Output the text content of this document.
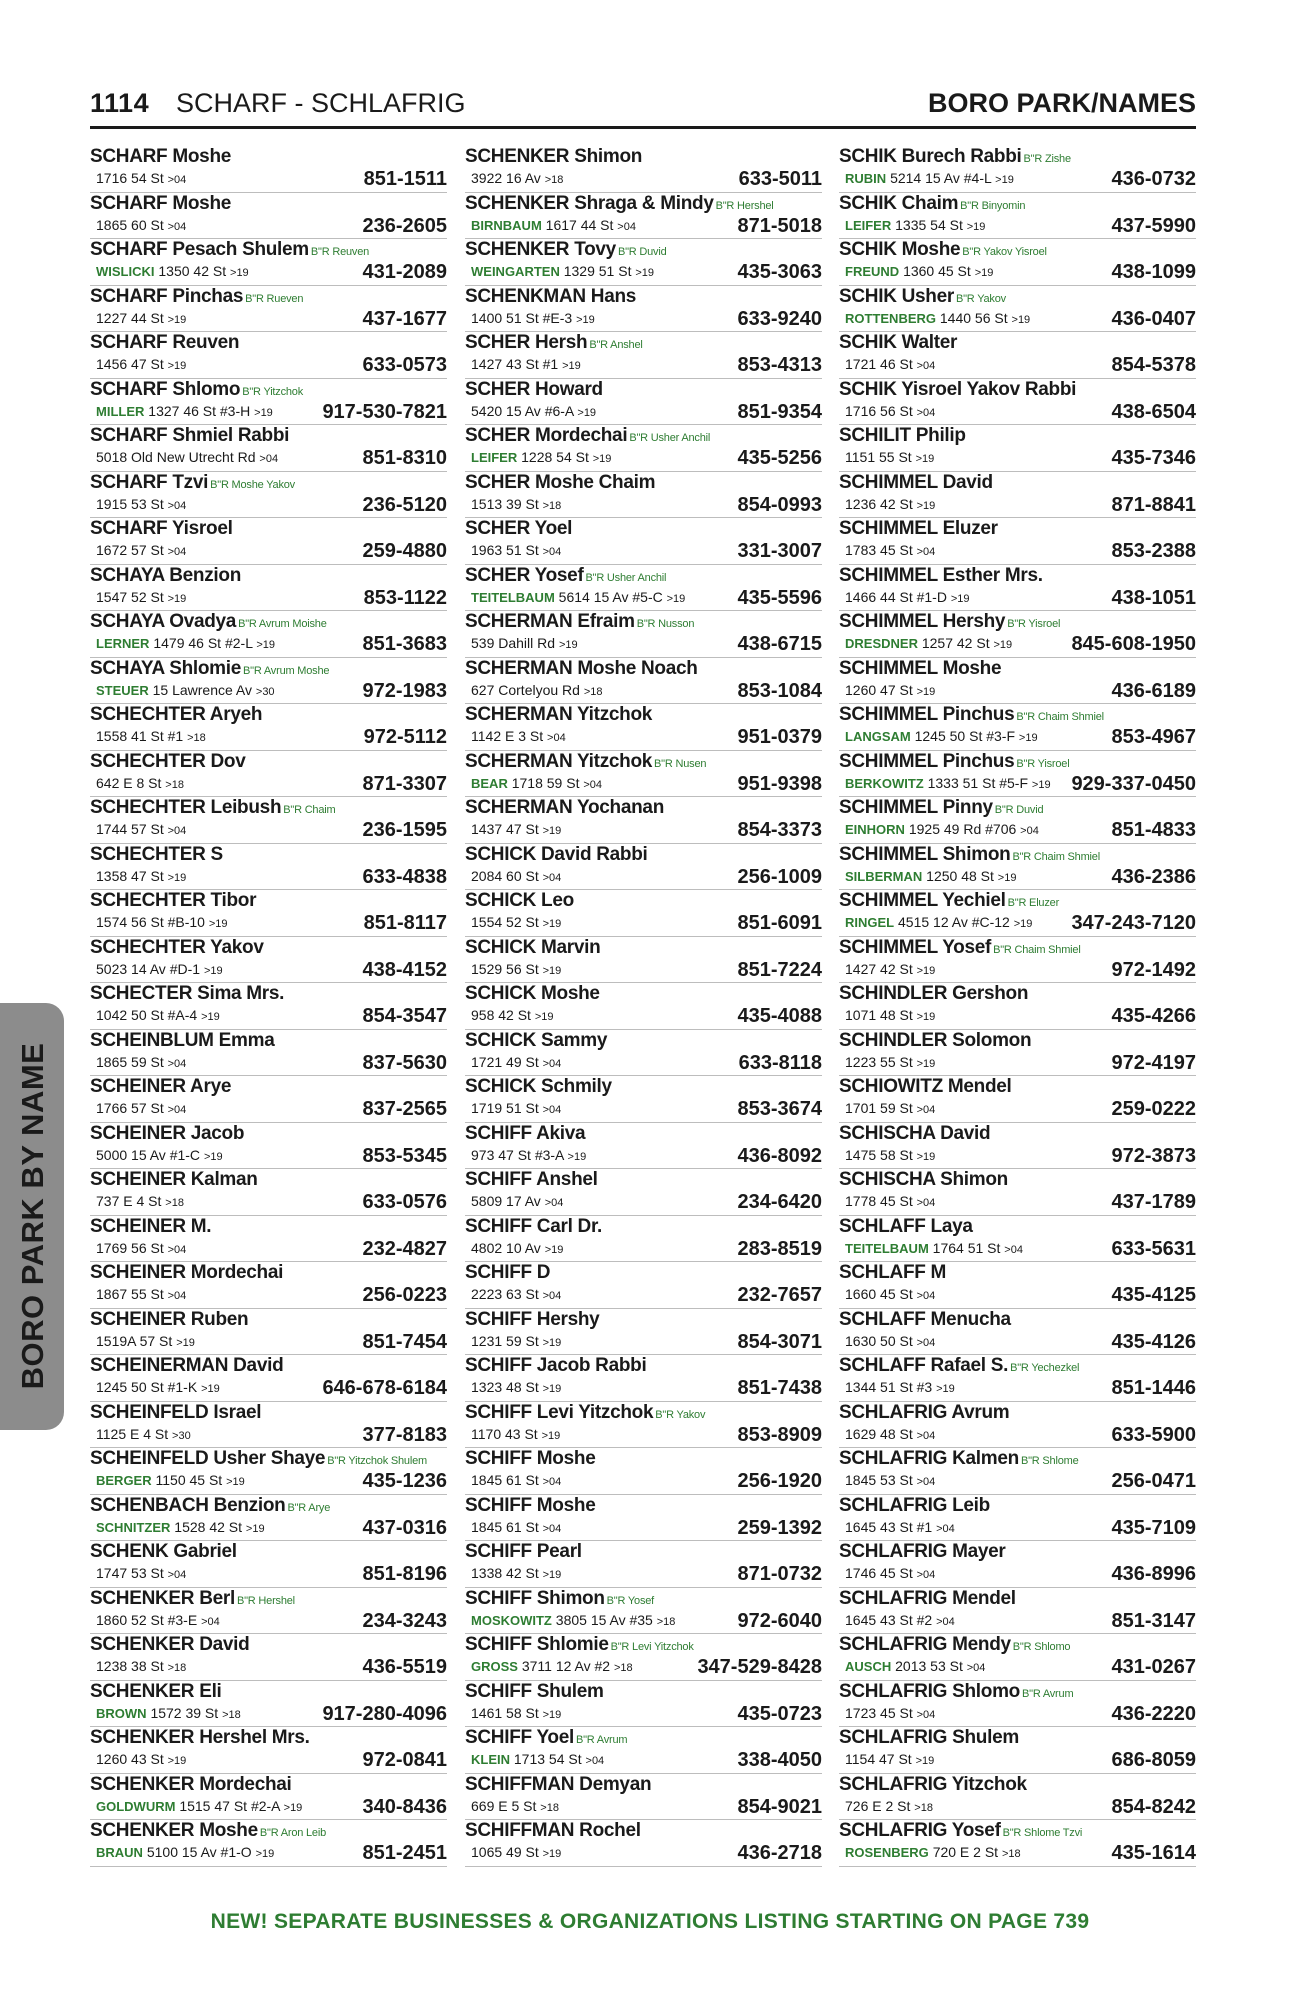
1114 SCHARF - SCHLAFRIG	BORO PARK/NAMES
SCHARF Moshe
1716 54 St >04	851-1511
SCHARF Moshe
1865 60 St >04	236-2605
SCHARF Pesach Shulem B"R Reuven
WISLICKI 1350 42 St >19	431-2089
SCHARF Pinchas B"R Rueven
1227 44 St >19	437-1677
SCHARF Reuven
1456 47 St >19	633-0573
SCHARF Shlomo B"R Yitzchok
MILLER 1327 46 St #3-H >19 917-530-7821
SCHARF Shmiel Rabbi
5018 Old New Utrecht Rd >04	851-8310
SCHARF Tzvi B"R Moshe Yakov
1915 53 St >04	236-5120
SCHARF Yisroel
1672 57 St >04	259-4880
SCHAYA Benzion
1547 52 St >19	853-1122
SCHAYA Ovadya B"R Avrum Moishe
LERNER 1479 46 St #2-L >19	851-3683
SCHAYA Shlomie B"R Avrum Moshe
STEUER 15 Lawrence Av >30	972-1983
SCHECHTER Aryeh
1558 41 St #1 >18	972-5112
SCHECHTER Dov
642 E 8 St >18	871-3307
SCHECHTER Leibush B"R Chaim
1744 57 St >04	236-1595
SCHECHTER S
1358 47 St >19	633-4838
SCHECHTER Tibor
1574 56 St #B-10 >19	851-8117
SCHECHTER Yakov
5023 14 Av #D-1 >19	438-4152
SCHECTER Sima Mrs.
1042 50 St #A-4 >19	854-3547
SCHEINBLUM Emma
1865 59 St >04	837-5630
SCHEINER Arye
1766 57 St >04	837-2565
SCHEINER Jacob
5000 15 Av #1-C >19	853-5345
SCHEINER Kalman
737 E 4 St >18	633-0576
SCHEINER M.
1769 56 St >04	232-4827
SCHEINER Mordechai
1867 55 St >04	256-0223
SCHEINER Ruben
1519A 57 St >19	851-7454
SCHEINERMAN David
1245 50 St #1-K >19	646-678-6184
SCHEINFELD Israel
1125 E 4 St >30	377-8183
SCHEINFELD Usher Shaye B"R Yitzchok Shulem
BERGER 1150 45 St >19	435-1236
SCHENBACH Benzion B"R Arye
SCHNITZER 1528 42 St >19	437-0316
SCHENK Gabriel
1747 53 St >04	851-8196
SCHENKER Berl B"R Hershel
1860 52 St #3-E >04	234-3243
SCHENKER David
1238 38 St >18	436-5519
SCHENKER Eli
BROWN 1572 39 St >18	917-280-4096
SCHENKER Hershel Mrs.
1260 43 St >19	972-0841
SCHENKER Mordechai
GOLDWURM 1515 47 St #2-A >19	340-8436
SCHENKER Moshe B"R Aron Leib
BRAUN 5100 15 Av #1-O >19	851-2451
SCHENKER Shimon
3922 16 Av >18	633-5011
SCHENKER Shraga & Mindy B"R Hershel
BIRNBAUM 1617 44 St >04	871-5018
SCHENKER Tovy B"R Duvid
WEINGARTEN 1329 51 St >19	435-3063
SCHENKMAN Hans
1400 51 St #E-3 >19	633-9240
SCHER Hersh B"R Anshel
1427 43 St #1 >19	853-4313
SCHER Howard
5420 15 Av #6-A >19	851-9354
SCHER Mordechai B"R Usher Anchil
LEIFER 1228 54 St >19	435-5256
SCHER Moshe Chaim
1513 39 St >18	854-0993
SCHER Yoel
1963 51 St >04	331-3007
SCHER Yosef B"R Usher Anchil
TEITELBAUM 5614 15 Av #5-C >19	435-5596
SCHERMAN Efraim B"R Nusson
539 Dahill Rd >19	438-6715
SCHERMAN Moshe Noach
627 Cortelyou Rd >18	853-1084
SCHERMAN Yitzchok
1142 E 3 St >04	951-0379
SCHERMAN Yitzchok B"R Nusen
BEAR 1718 59 St >04	951-9398
SCHERMAN Yochanan
1437 47 St >19	854-3373
SCHICK David Rabbi
2084 60 St >04	256-1009
SCHICK Leo
1554 52 St >19	851-6091
SCHICK Marvin
1529 56 St >19	851-7224
SCHICK Moshe
958 42 St >19	435-4088
SCHICK Sammy
1721 49 St >04	633-8118
SCHICK Schmily
1719 51 St >04	853-3674
SCHIFF Akiva
973 47 St #3-A >19	436-8092
SCHIFF Anshel
5809 17 Av >04	234-6420
SCHIFF Carl Dr.
4802 10 Av >19	283-8519
SCHIFF D
2223 63 St >04	232-7657
SCHIFF Hershy
1231 59 St >19	854-3071
SCHIFF Jacob Rabbi
1323 48 St >19	851-7438
SCHIFF Levi Yitzchok B"R Yakov
1170 43 St >19	853-8909
SCHIFF Moshe
1845 61 St >04	256-1920
SCHIFF Moshe
1845 61 St >04	259-1392
SCHIFF Pearl
1338 42 St >19	871-0732
SCHIFF Shimon B"R Yosef
MOSKOWITZ 3805 15 Av #35 >18	972-6040
SCHIFF Shlomie B"R Levi Yitzchok
GROSS 3711 12 Av #2 >18	347-529-8428
SCHIFF Shulem
1461 58 St >19	435-0723
SCHIFF Yoel B"R Avrum
KLEIN 1713 54 St >04	338-4050
SCHIFFMAN Demyan
669 E 5 St >18	854-9021
SCHIFFMAN Rochel
1065 49 St >19	436-2718
SCHIK Burech Rabbi B"R Zishe
RUBIN 5214 15 Av #4-L >19	436-0732
SCHIK Chaim B"R Binyomin
LEIFER 1335 54 St >19	437-5990
SCHIK Moshe B"R Yakov Yisroel
FREUND 1360 45 St >19	438-1099
SCHIK Usher B"R Yakov
ROTTENBERG 1440 56 St >19	436-0407
SCHIK Walter
1721 46 St >04	854-5378
SCHIK Yisroel Yakov Rabbi
1716 56 St >04	438-6504
SCHILIT Philip
1151 55 St >19	435-7346
SCHIMMEL David
1236 42 St >19	871-8841
SCHIMMEL Eluzer
1783 45 St >04	853-2388
SCHIMMEL Esther Mrs.
1466 44 St #1-D >19	438-1051
SCHIMMEL Hershy B"R Yisroel
DRESDNER 1257 42 St >19	845-608-1950
SCHIMMEL Moshe
1260 47 St >19	436-6189
SCHIMMEL Pinchus B"R Chaim Shmiel
LANGSAM 1245 50 St #3-F >19	853-4967
SCHIMMEL Pinchus B"R Yisroel
BERKOWITZ 1333 51 St #5-F >19 929-337-0450
SCHIMMEL Pinny B"R Duvid
EINHORN 1925 49 Rd #706 >04	851-4833
SCHIMMEL Shimon B"R Chaim Shmiel
SILBERMAN 1250 48 St >19	436-2386
SCHIMMEL Yechiel B"R Eluzer
RINGEL 4515 12 Av #C-12 >19 347-243-7120
SCHIMMEL Yosef B"R Chaim Shmiel
1427 42 St >19	972-1492
SCHINDLER Gershon
1071 48 St >19	435-4266
SCHINDLER Solomon
1223 55 St >19	972-4197
SCHIOWITZ Mendel
1701 59 St >04	259-0222
SCHISCHA David
1475 58 St >19	972-3873
SCHISCHA Shimon
1778 45 St >04	437-1789
SCHLAFF Laya
TEITELBAUM 1764 51 St >04	633-5631
SCHLAFF M
1660 45 St >04	435-4125
SCHLAFF Menucha
1630 50 St >04	435-4126
SCHLAFF Rafael S. B"R Yechezkel
1344 51 St #3 >19	851-1446
SCHLAFRIG Avrum
1629 48 St >04	633-5900
SCHLAFRIG Kalmen B"R Shlome
1845 53 St >04	256-0471
SCHLAFRIG Leib
1645 43 St #1 >04	435-7109
SCHLAFRIG Mayer
1746 45 St >04	436-8996
SCHLAFRIG Mendel
1645 43 St #2 >04	851-3147
SCHLAFRIG Mendy B"R Shlomo
AUSCH 2013 53 St >04	431-0267
SCHLAFRIG Shlomo B"R Avrum
1723 45 St >04	436-2220
SCHLAFRIG Shulem
1154 47 St >19	686-8059
SCHLAFRIG Yitzchok
726 E 2 St >18	854-8242
SCHLAFRIG Yosef B"R Shlome Tzvi
ROSENBERG 720 E 2 St >18	435-1614
BORO PARK BY NAME
NEW! SEPARATE BUSINESSES & ORGANIZATIONS LISTING STARTING ON PAGE 739
